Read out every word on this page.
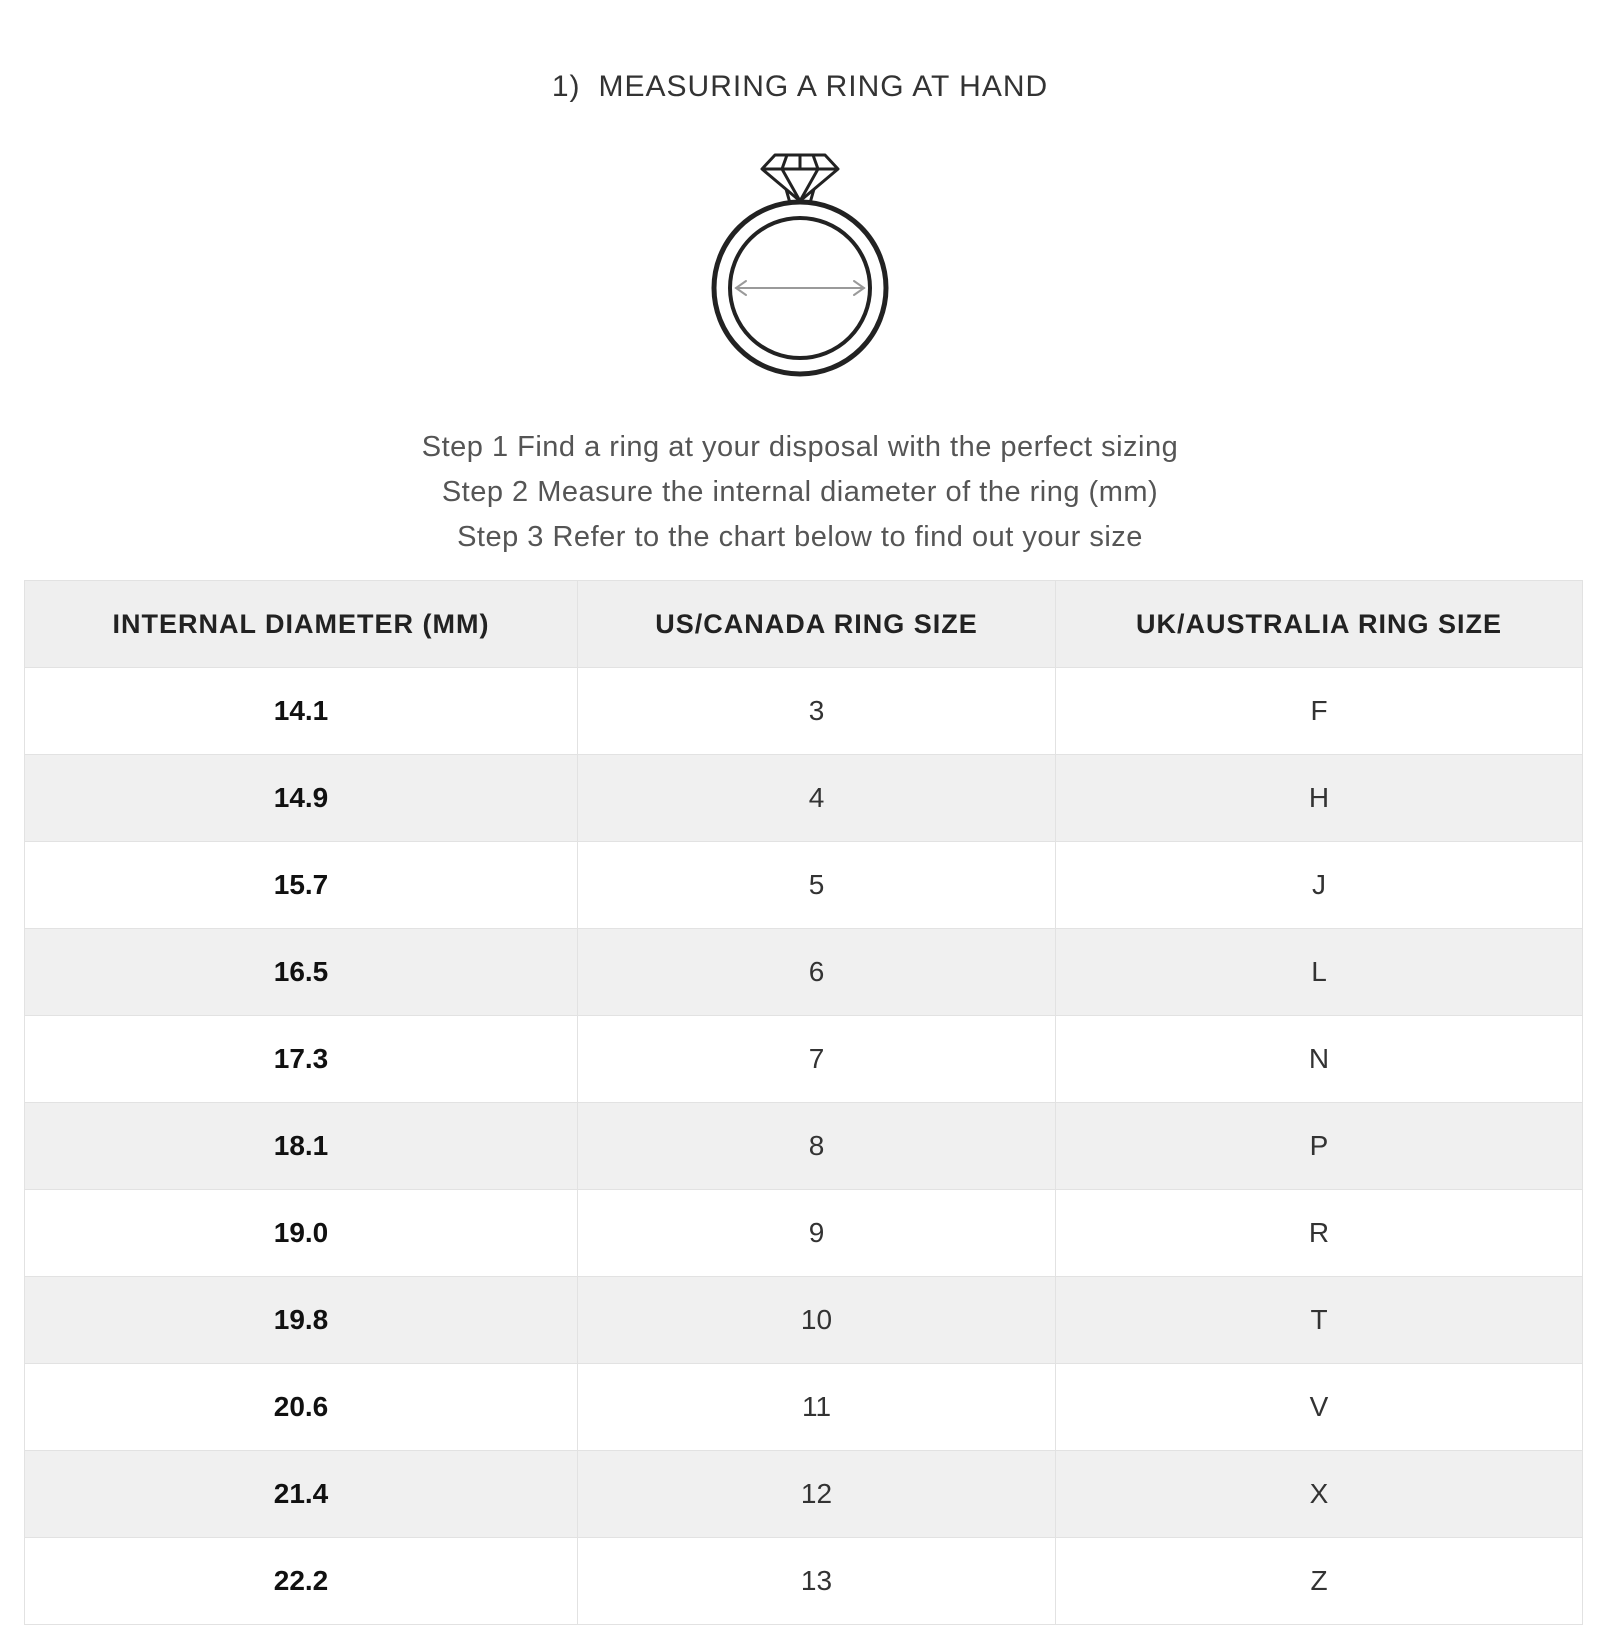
1) MEASURING A RING AT HAND
Step 1 Find a ring at your disposal with the perfect sizing
Step 2 Measure the internal diameter of the ring (mm)
Step 3 Refer to the chart below to find out your size
INTERNAL DIAMETER (MM)	US/CANADA RING SIZE	UK/AUSTRALIA RING SIZE
14.1	3	F
14.9	4	H
15.7	5	J
16.5	6	L
17.3	7	N
18.1	8	P
19.0	9	R
19.8	10	T
20.6	11	V
21.4	12	X
22.2	13	Z
